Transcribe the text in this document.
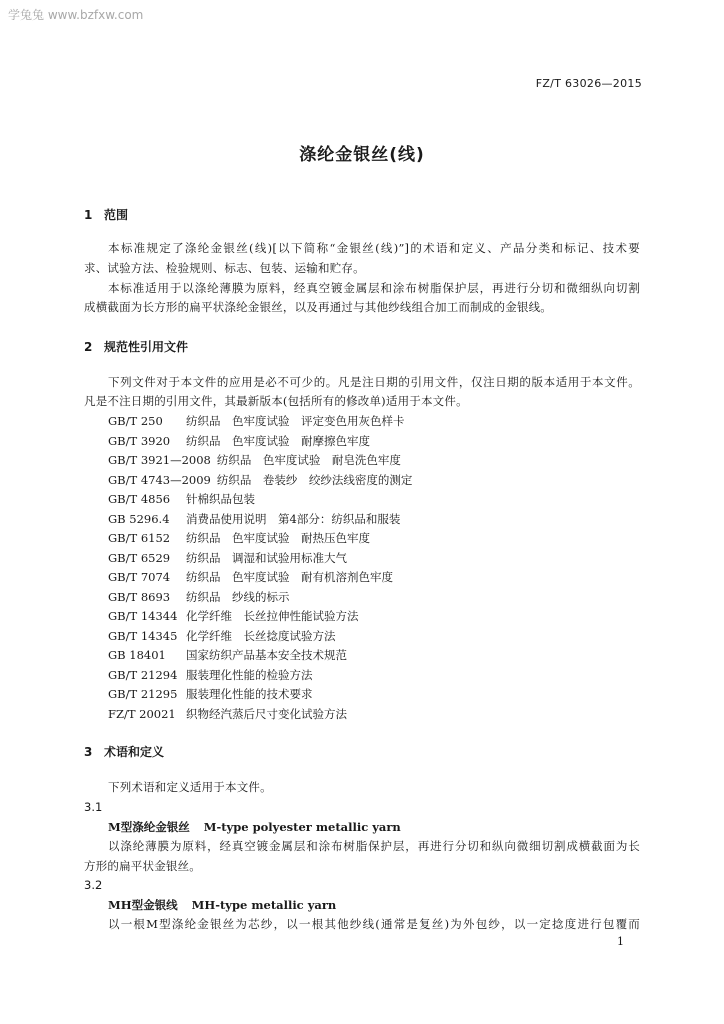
学兔兔 www.bzfxw.com
FZ/T 63026—2015
涤纶金银丝(线)
1 范围
本标准规定了涤纶金银丝(线)[以下简称“金银丝(线)”]的术语和定义、产品分类和标记、技术要
求、试验方法、检验规则、标志、包装、运输和贮存。
本标准适用于以涤纶薄膜为原料，经真空镀金属层和涂布树脂保护层，再进行分切和微细纵向切割
成横截面为长方形的扁平状涤纶金银丝，以及再通过与其他纱线组合加工而制成的金银线。
2 规范性引用文件
下列文件对于本文件的应用是必不可少的。凡是注日期的引用文件，仅注日期的版本适用于本文件。
凡是不注日期的引用文件，其最新版本(包括所有的修改单)适用于本文件。
GB/T 250 纺织品　色牢度试验　评定变色用灰色样卡
GB/T 3920 纺织品　色牢度试验　耐摩擦色牢度
GB/T 3921—2008 纺织品　色牢度试验　耐皂洗色牢度
GB/T 4743—2009 纺织品　卷装纱　绞纱法线密度的测定
GB/T 4856 针棉织品包装
GB 5296.4 消费品使用说明　第4部分：纺织品和服装
GB/T 6152 纺织品　色牢度试验　耐热压色牢度
GB/T 6529 纺织品　调湿和试验用标准大气
GB/T 7074 纺织品　色牢度试验　耐有机溶剂色牢度
GB/T 8693 纺织品　纱线的标示
GB/T 14344 化学纤维　长丝拉伸性能试验方法
GB/T 14345 化学纤维　长丝捻度试验方法
GB 18401 国家纺织产品基本安全技术规范
GB/T 21294 服装理化性能的检验方法
GB/T 21295 服装理化性能的技术要求
FZ/T 20021 织物经汽蒸后尺寸变化试验方法
3 术语和定义
下列术语和定义适用于本文件。
3.1
M型涤纶金银丝 M-type polyester metallic yarn
以涤纶薄膜为原料，经真空镀金属层和涂布树脂保护层，再进行分切和纵向微细切割成横截面为长
方形的扁平状金银丝。
3.2
MH型金银线 MH-type metallic yarn
以一根M型涤纶金银丝为芯纱，以一根其他纱线(通常是复丝)为外包纱，以一定捻度进行包覆而
1
